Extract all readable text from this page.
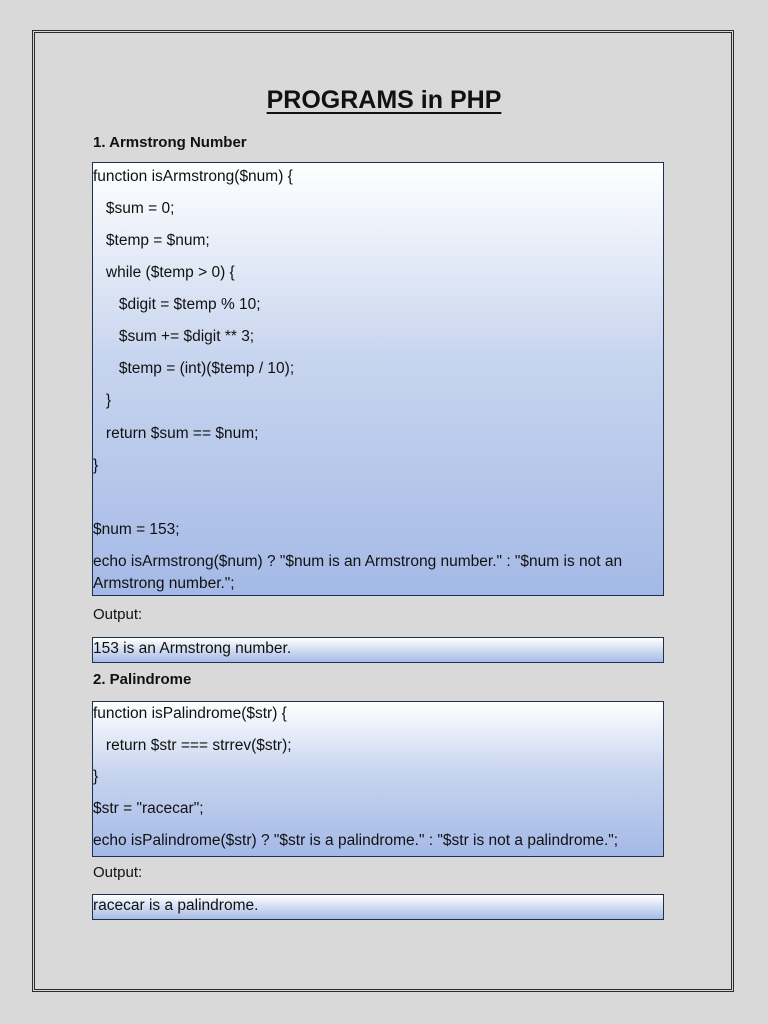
PROGRAMS in PHP
1. Armstrong Number
function isArmstrong($num) {
$sum = 0;
$temp = $num;
while ($temp > 0) {
$digit = $temp % 10;
$sum += $digit ** 3;
$temp = (int)($temp / 10);
}
return $sum == $num;
}
$num = 153;
echo isArmstrong($num) ? "$num is an Armstrong number." : "$num is not an Armstrong number.";
Output:
153 is an Armstrong number.
2. Palindrome
function isPalindrome($str) {
return $str === strrev($str);
}
$str = "racecar";
echo isPalindrome($str) ? "$str is a palindrome." : "$str is not a palindrome.";
Output:
racecar is a palindrome.
